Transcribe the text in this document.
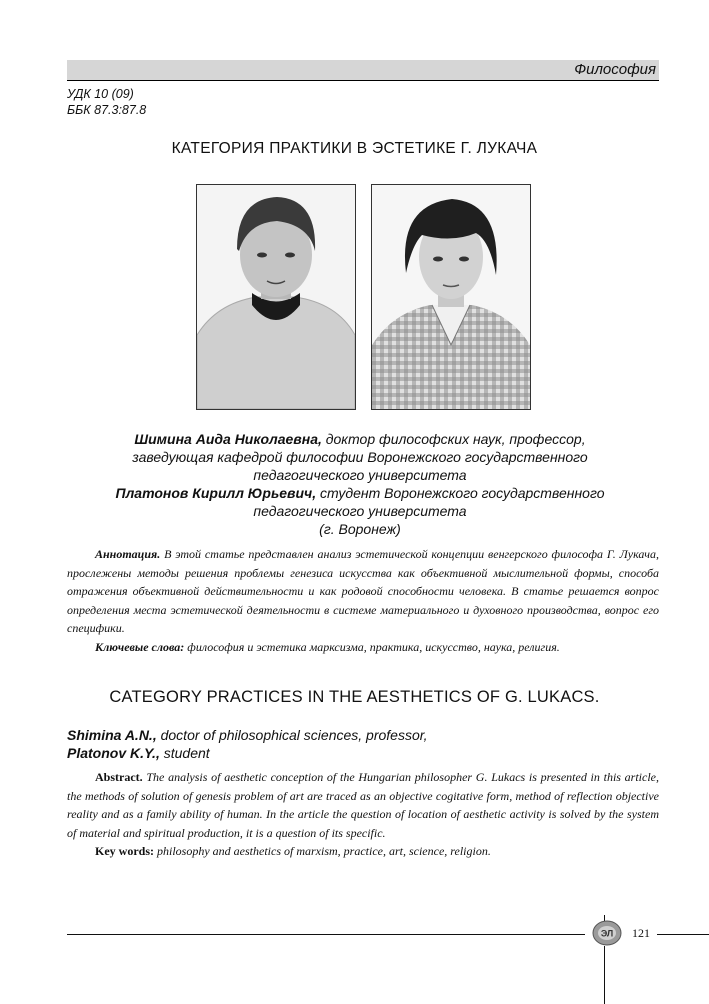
Философия
УДК 10 (09)
ББК 87.3:87.8
КАТЕГОРИЯ ПРАКТИКИ В ЭСТЕТИКЕ Г. ЛУКАЧА
Шимина Аида Николаевна, доктор философских наук, профессор,
заведующая кафедрой философии Воронежского государственного
педагогического университета
Платонов Кирилл Юрьевич, студент Воронежского государственного
педагогического университета
(г. Воронеж)

Аннотация. В этой статье представлен анализ эстетической концепции венгерского философа Г. Лукача, прослежены методы решения проблемы генезиса искусства как объективной мыслительной формы, способа отражения объективной действительности и как родовой способности человека. В статье решается вопрос определения места эстетической деятельности в системе материального и духовного производства, вопрос его специфики.

Ключевые слова: философия и эстетика марксизма, практика, искусство, наука, религия.

CATEGORY PRACTICES IN THE AESTHETICS OF G. LUKACS.
Shimina A.N., doctor of philosophical sciences, professor,
Platonov K.Y., student

Abstract. The analysis of aesthetic conception of the Hungarian philosopher G. Lukacs is presented in this article, the methods of solution of genesis problem of art are traced as an objective cogitative form, method of reflection objective reality and as a family ability of human. In the article the question of location of aesthetic activity is solved by the system of material and spiritual production, it is a question of its specific.

Key words: philosophy and aesthetics of marxism, practice, art, science, religion.

ЭЛ 121
